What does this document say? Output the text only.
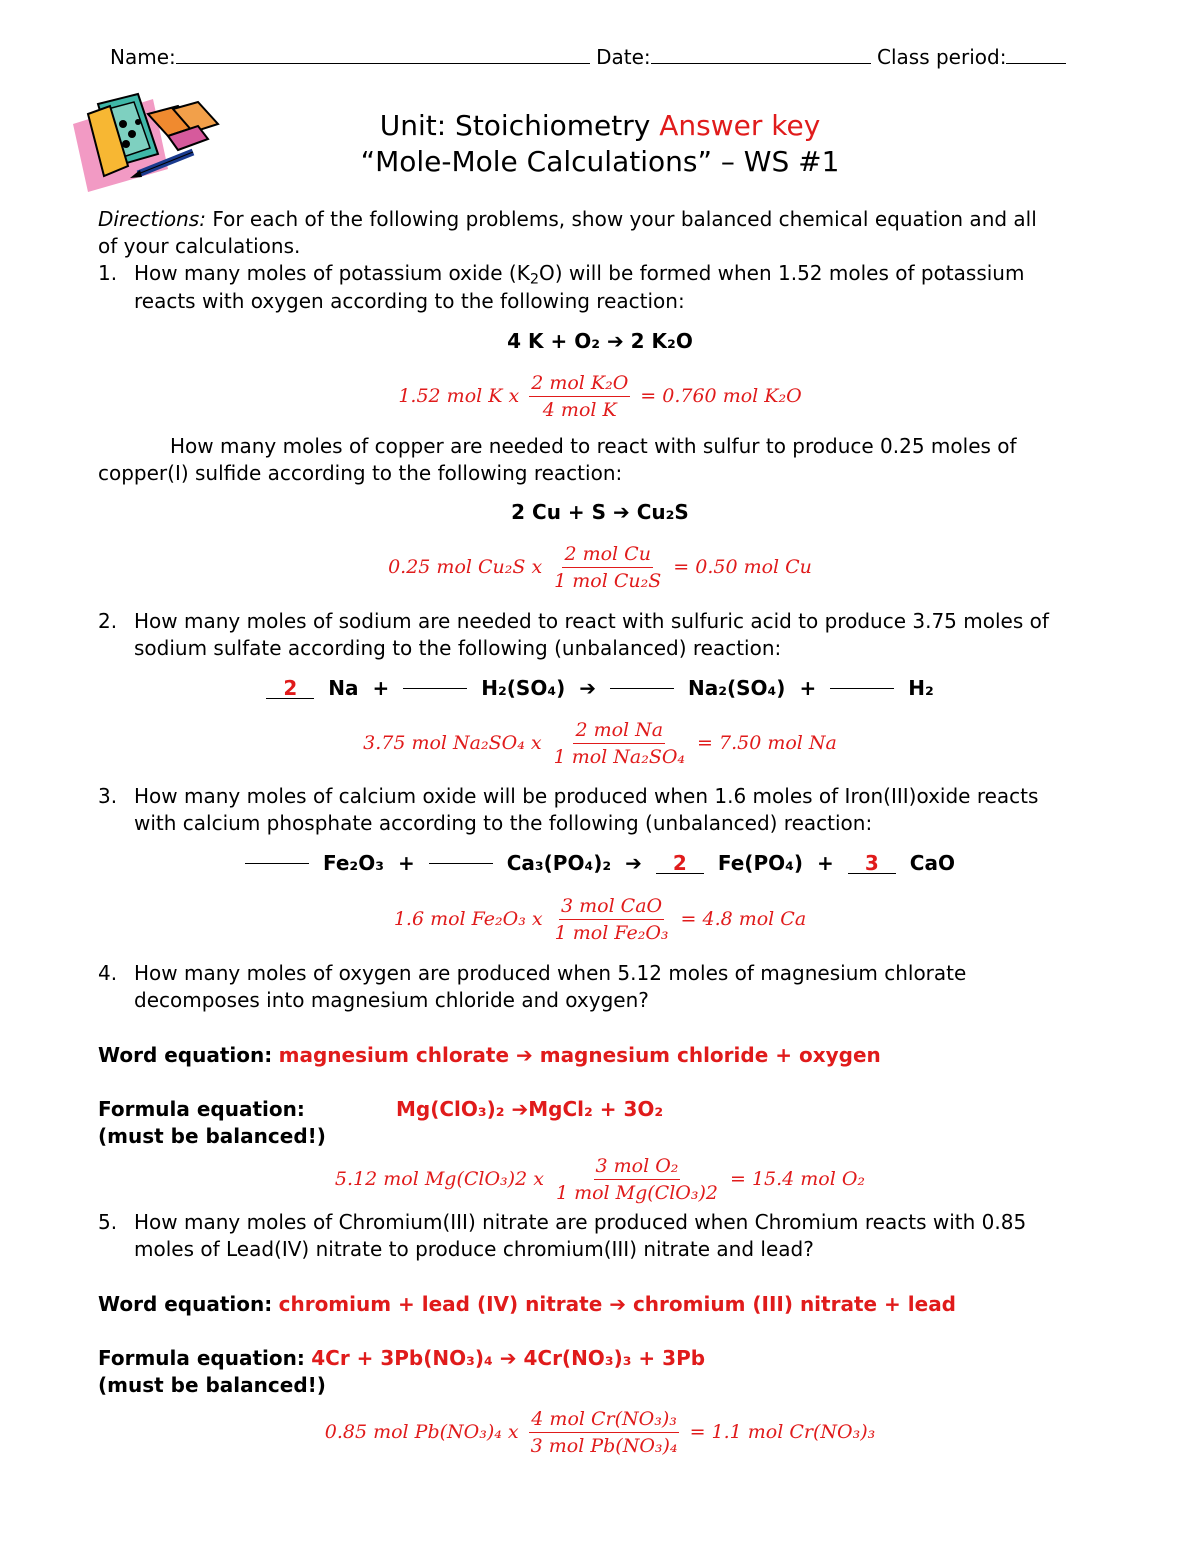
Name:	Date:	Class period:
Unit: Stoichiometry Answer key
“Mole-Mole Calculations” – WS #1
Directions: For each of the following problems, show your balanced chemical equation and all
of your calculations.
1. How many moles of potassium oxide $(K_2O)$ will be formed when 1.52 moles of potassium
reacts with oxygen according to the following reaction:
4 K + O₂ ➔ 2 K₂O
1.52 mol K x $\frac{\text{2 mol K₂O}}{\text{4 mol K}} = 0.760$ mol K₂O
How many moles of copper are needed to react with sulfur to produce 0.25 moles of
copper(I) sulfide according to the following reaction:
2 Cu + S ➔ Cu₂S
0.25 mol Cu₂S x $\frac{\text{2 mol Cu}}{\text{1 mol Cu₂S}} = 0.50$ mol Cu
2. How many moles of sodium are needed to react with sulfuric acid to produce 3.75 moles of
sodium sulfate according to the following (unbalanced) reaction:
2	Na +	H₂(SO₄) ➔	Na₂(SO₄) +	H₂
3.75 mol Na₂SO₄ x $\frac{\text{2 mol Na}}{\text{1 mol Na₂SO₄}} = 7.50$ mol Na
3. How many moles of calcium oxide will be produced when 1.6 moles of Iron(III)oxide reacts
with calcium phosphate according to the following (unbalanced) reaction:
Fe₂O₃ +	Ca₃(PO₄)₂ ➔	2	Fe(PO₄) +	3	CaO
1.6 mol Fe₂O₃ x $\frac{\text{3 mol CaO}}{\text{1 mol Fe₂O₃}} = 4.8$ mol Ca
4. How many moles of oxygen are produced when 5.12 moles of magnesium chlorate
decomposes into magnesium chloride and oxygen?
Word equation: magnesium chlorate ➔ magnesium chloride + oxygen
Formula equation:	Mg(ClO₃)₂ ➔MgCl₂ + 3O₂
(must be balanced!)
5.12 mol Mg(ClO₃)2 x $\frac{\text{3 mol O₂}}{\text{1 mol Mg(ClO₃)2}} = 15.4$ mol O₂
5. How many moles of Chromium(III) nitrate are produced when Chromium reacts with 0.85
moles of Lead(IV) nitrate to produce chromium(III) nitrate and lead?
Word equation: chromium + lead (IV) nitrate ➔ chromium (III) nitrate + lead
Formula equation: 4Cr + 3Pb(NO₃)₄ ➔ 4Cr(NO₃)₃ + 3Pb
(must be balanced!)
0.85 mol Pb(NO₃)₄ x $\frac{\text{4 mol Cr(NO₃)₃}}{\text{3 mol Pb(NO₃)₄}} = 1.1$ mol Cr(NO₃)₃
